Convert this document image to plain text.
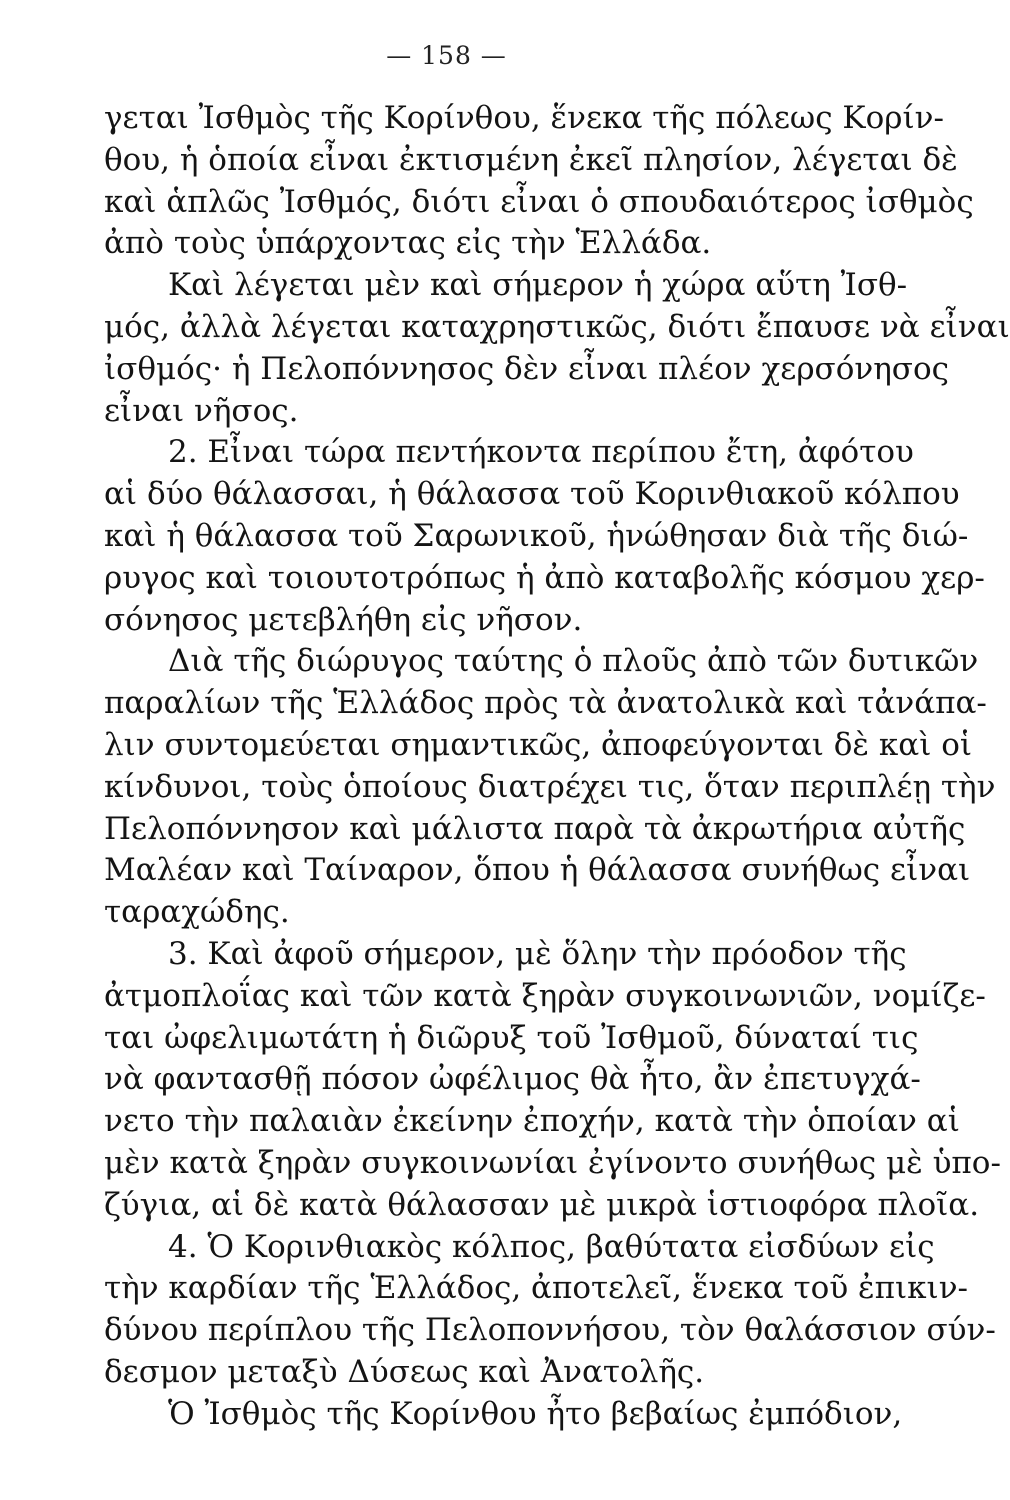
— 158 —
γεται Ἰσθμὸς τῆς Κορίνθου, ἕνεκα τῆς πόλεως Κορίν-
θου, ἡ ὁποία εἶναι ἐκτισμένη ἐκεῖ πλησίον, λέγεται δὲ
καὶ ἁπλῶς Ἰσθμός, διότι εἶναι ὁ σπουδαιότερος ἰσθμὸς
ἀπὸ τοὺς ὑπάρχοντας εἰς τὴν Ἑλλάδα.
Καὶ λέγεται μὲν καὶ σήμερον ἡ χώρα αὕτη Ἰσθ-
μός, ἀλλὰ λέγεται καταχρηστικῶς, διότι ἔπαυσε νὰ εἶναι
ἰσθμός· ἡ Πελοπόννησος δὲν εἶναι πλέον χερσόνησος
εἶναι νῆσος.
2. Εἶναι τώρα πεντήκοντα περίπου ἔτη, ἀφότου
αἱ δύο θάλασσαι, ἡ θάλασσα τοῦ Κορινθιακοῦ κόλπου
καὶ ἡ θάλασσα τοῦ Σαρωνικοῦ, ἡνώθησαν διὰ τῆς διώ-
ρυγος καὶ τοιουτοτρόπως ἡ ἀπὸ καταβολῆς κόσμου χερ-
σόνησος μετεβλήθη εἰς νῆσον.
Διὰ τῆς διώρυγος ταύτης ὁ πλοῦς ἀπὸ τῶν δυτικῶν
παραλίων τῆς Ἑλλάδος πρὸς τὰ ἀνατολικὰ καὶ τἀνάπα-
λιν συντομεύεται σημαντικῶς, ἀποφεύγονται δὲ καὶ οἱ
κίνδυνοι, τοὺς ὁποίους διατρέχει τις, ὅταν περιπλέῃ τὴν
Πελοπόννησον καὶ μάλιστα παρὰ τὰ ἀκρωτήρια αὐτῆς
Μαλέαν καὶ Ταίναρον, ὅπου ἡ θάλασσα συνήθως εἶναι
ταραχώδης.
3. Καὶ ἀφοῦ σήμερον, μὲ ὅλην τὴν πρόοδον τῆς
ἀτμοπλοΐας καὶ τῶν κατὰ ξηρὰν συγκοινωνιῶν, νομίζε-
ται ὠφελιμωτάτη ἡ διῶρυξ τοῦ Ἰσθμοῦ, δύναταί τις
νὰ φαντασθῇ πόσον ὠφέλιμος θὰ ἦτο, ἂν ἐπετυγχά-
νετο τὴν παλαιὰν ἐκείνην ἐποχήν, κατὰ τὴν ὁποίαν αἱ
μὲν κατὰ ξηρὰν συγκοινωνίαι ἐγίνοντο συνήθως μὲ ὑπο-
ζύγια, αἱ δὲ κατὰ θάλασσαν μὲ μικρὰ ἱστιοφόρα πλοῖα.
4. Ὁ Κορινθιακὸς κόλπος, βαθύτατα εἰσδύων εἰς
τὴν καρδίαν τῆς Ἑλλάδος, ἀποτελεῖ, ἕνεκα τοῦ ἐπικιν-
δύνου περίπλου τῆς Πελοποννήσου, τὸν θαλάσσιον σύν-
δεσμον μεταξὺ Δύσεως καὶ Ἀνατολῆς.
Ὁ Ἰσθμὸς τῆς Κορίνθου ἦτο βεβαίως ἐμπόδιον,
